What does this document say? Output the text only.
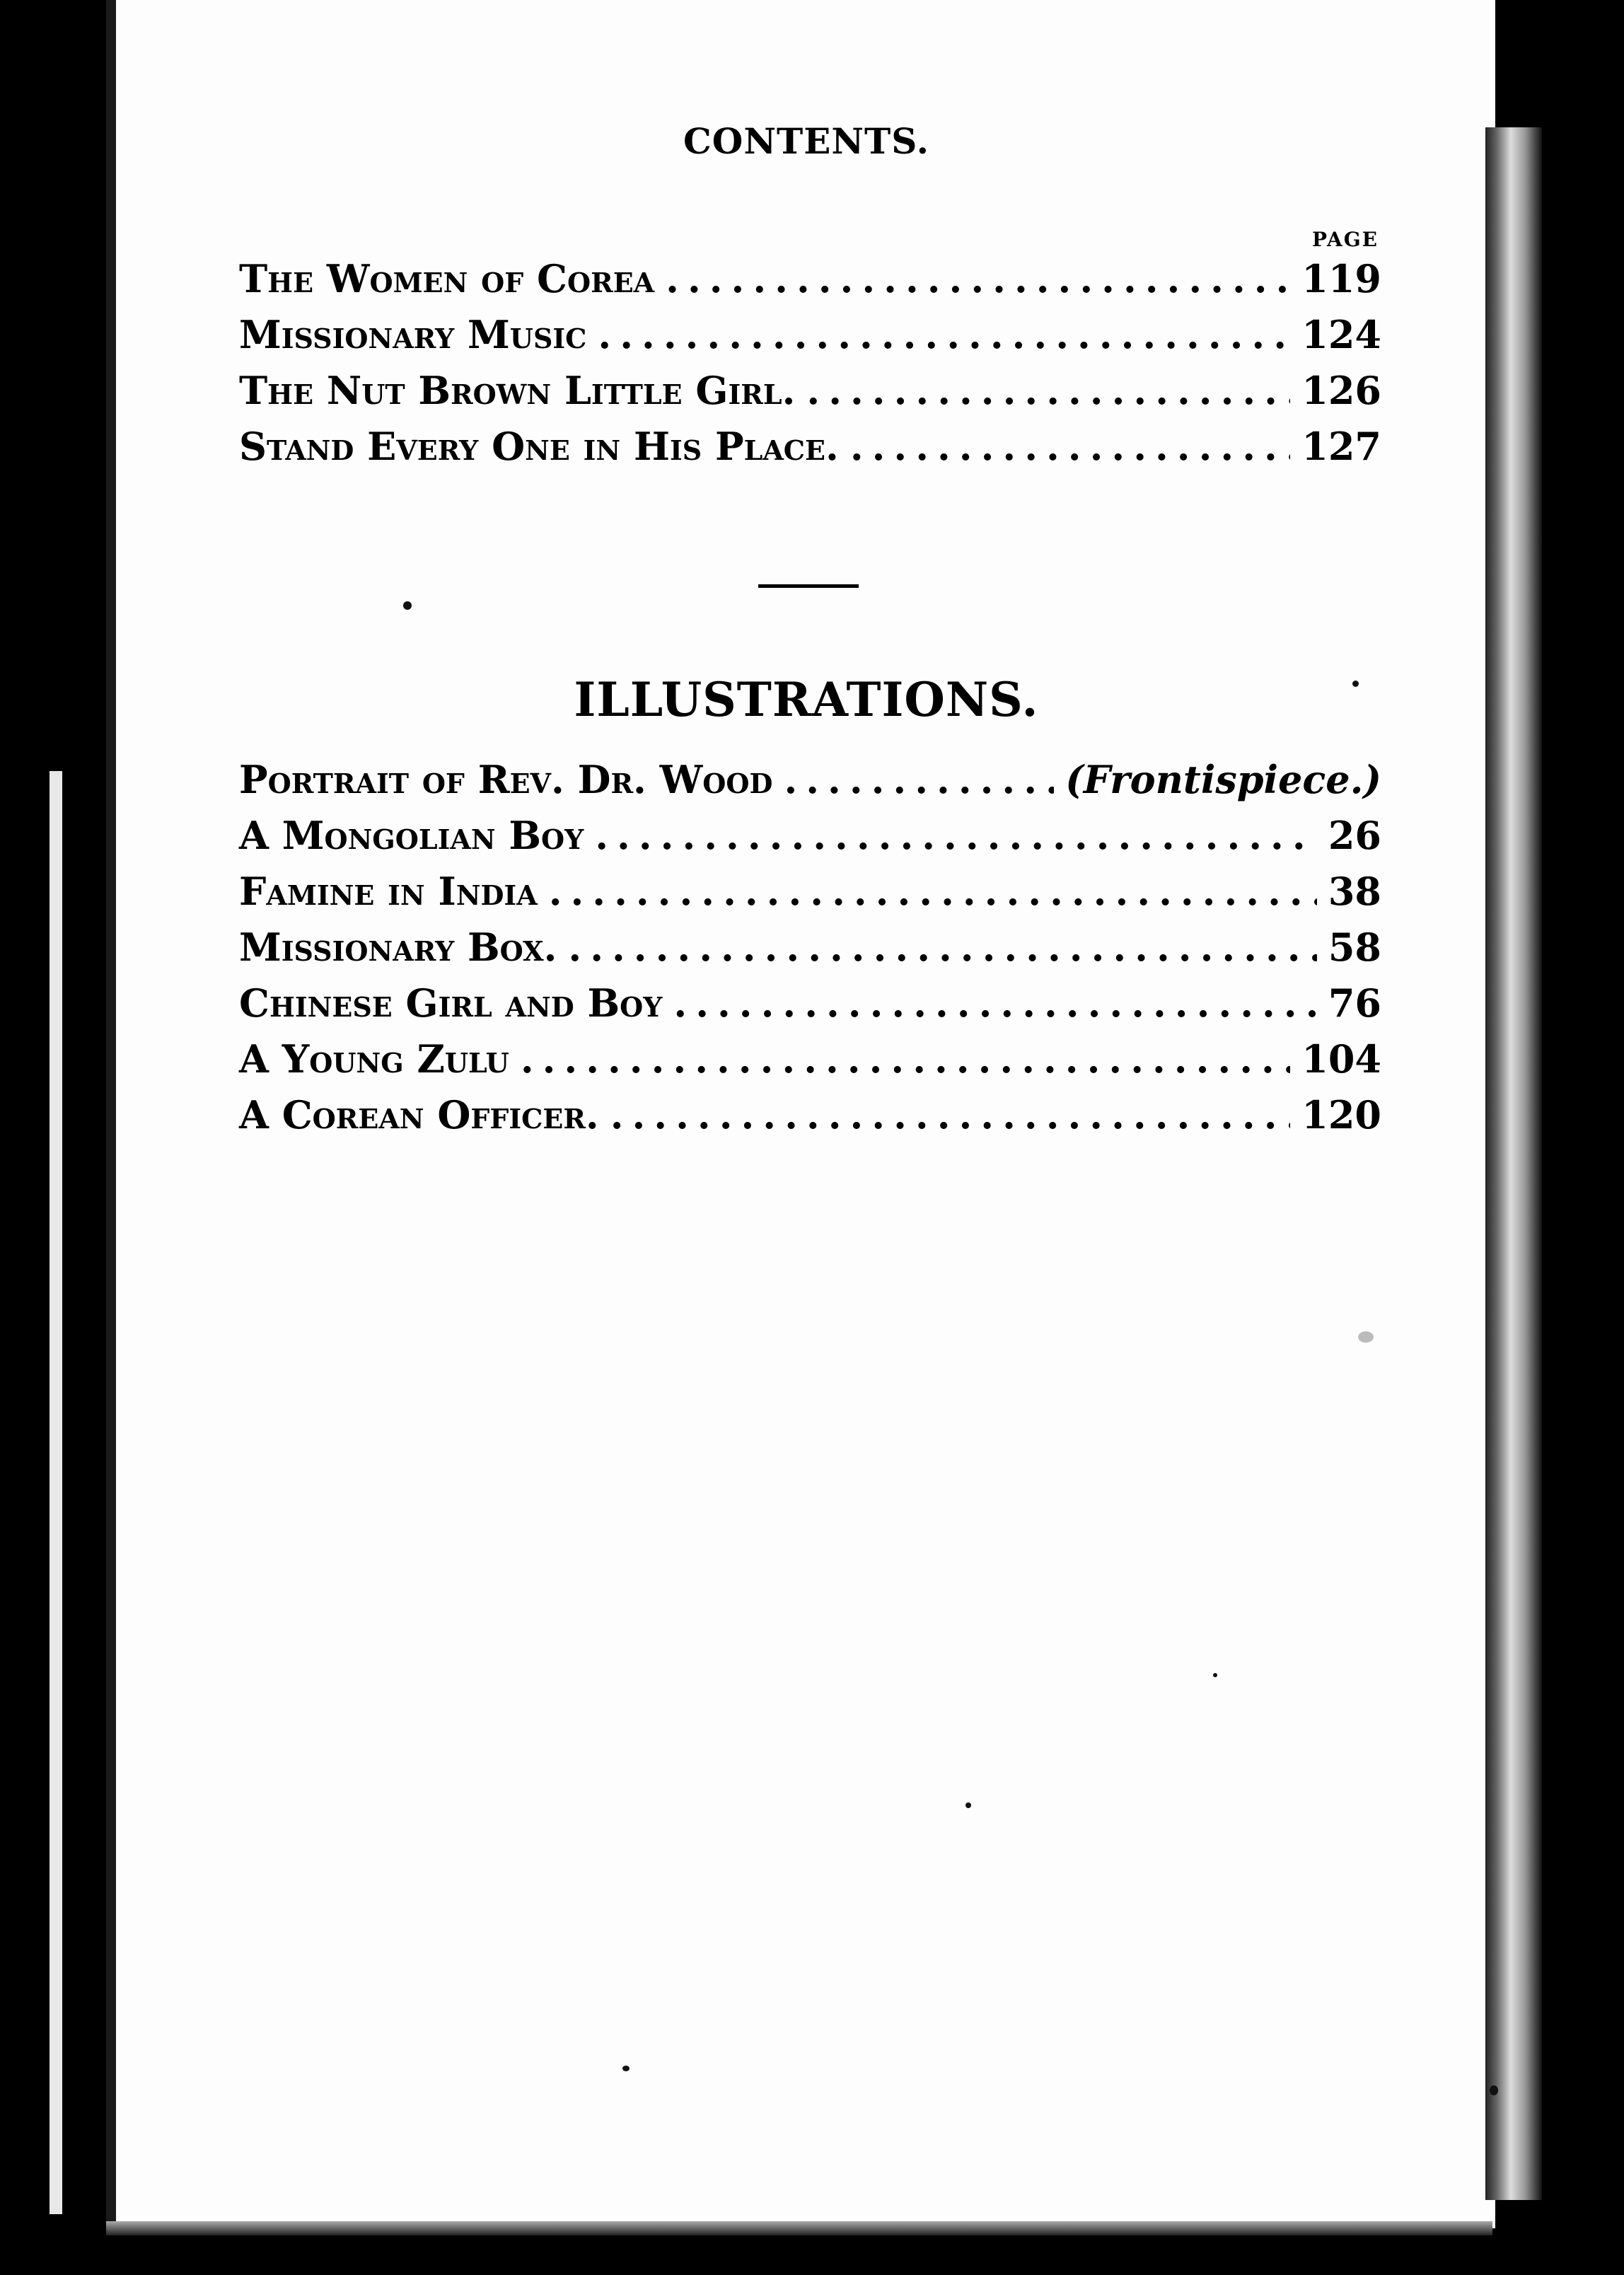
CONTENTS.
PAGE
The Women of Corea .....	119
Missionary Music .....	124
The Nut Brown Little Girl. .....	126
Stand Every One in His Place. .....	127
ILLUSTRATIONS.
Portrait of Rev. Dr. Wood .....	(Frontispiece.)
A Mongolian Boy .....	26
Famine in India .....	38
Missionary Box. .....	58
Chinese Girl and Boy .....	76
A Young Zulu .....	104
A Corean Officer. .....	120
